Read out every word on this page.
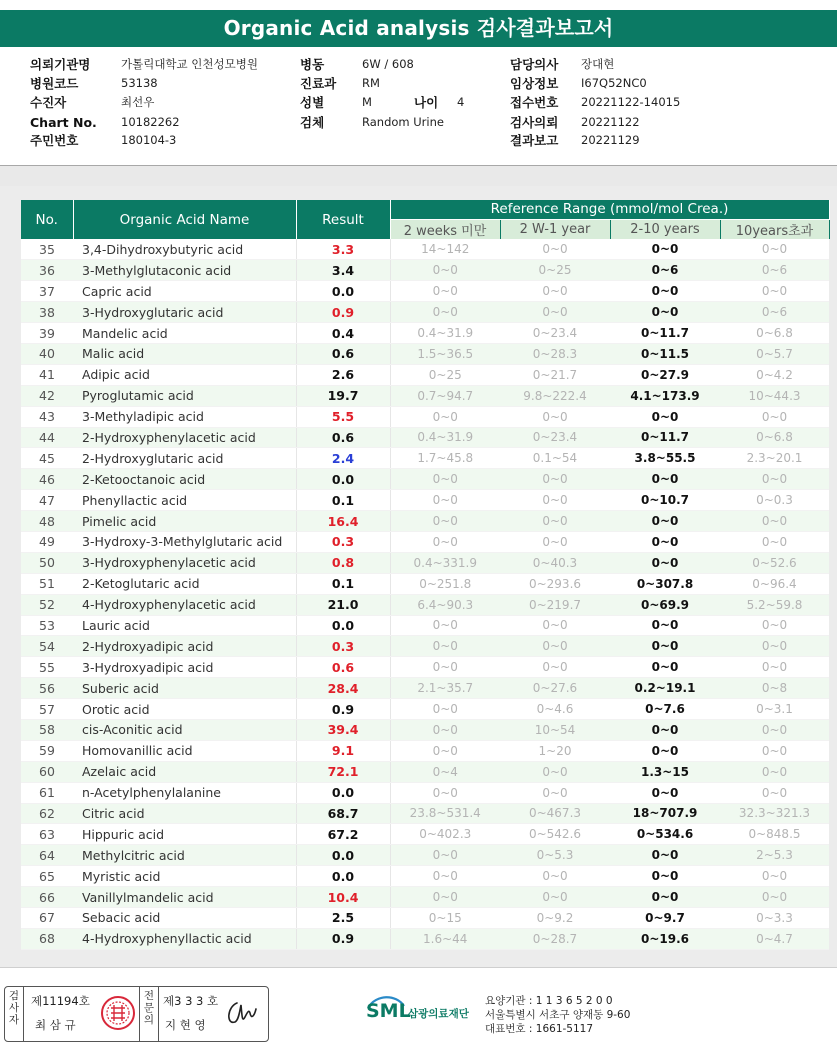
Organic Acid analysis 검사결과보고서
의뢰기관명	가톨릭대학교 인천성모병원	병동	6W / 608	담당의사 장대현
병원코드	53138	진료과 RM	임상정보 I67Q52NC0
수진자	최선우	성별	M	나이 4	접수번호 20221122-14015
Chart No. 10182262	검체	Random Urine	검사의뢰 20221122
주민번호	180104-3	결과보고 20221129
No.	Organic Acid Name	Result	Reference Range (mmol/mol Crea.)			
			2 weeks 미만	2 W-1 year	2-10 years	10years초과
35	3,4-Dihydroxybutyric acid	3.3	14~142	0~0	0~0	0~0
36	3-Methylglutaconic acid	3.4	0~0	0~25	0~6	0~6
37	Capric acid	0.0	0~0	0~0	0~0	0~0
38	3-Hydroxyglutaric acid	0.9	0~0	0~0	0~0	0~6
39	Mandelic acid	0.4	0.4~31.9	0~23.4	0~11.7	0~6.8
40	Malic acid	0.6	1.5~36.5	0~28.3	0~11.5	0~5.7
41	Adipic acid	2.6	0~25	0~21.7	0~27.9	0~4.2
42	Pyroglutamic acid	19.7	0.7~94.7	9.8~222.4	4.1~173.9	10~44.3
43	3-Methyladipic acid	5.5	0~0	0~0	0~0	0~0
44	2-Hydroxyphenylacetic acid	0.6	0.4~31.9	0~23.4	0~11.7	0~6.8
45	2-Hydroxyglutaric acid	2.4	1.7~45.8	0.1~54	3.8~55.5	2.3~20.1
46	2-Ketooctanoic acid	0.0	0~0	0~0	0~0	0~0
47	Phenyllactic acid	0.1	0~0	0~0	0~10.7	0~0.3
48	Pimelic acid	16.4	0~0	0~0	0~0	0~0
49	3-Hydroxy-3-Methylglutaric acid	0.3	0~0	0~0	0~0	0~0
50	3-Hydroxyphenylacetic acid	0.8	0.4~331.9	0~40.3	0~0	0~52.6
51	2-Ketoglutaric acid	0.1	0~251.8	0~293.6	0~307.8	0~96.4
52	4-Hydroxyphenylacetic acid	21.0	6.4~90.3	0~219.7	0~69.9	5.2~59.8
53	Lauric acid	0.0	0~0	0~0	0~0	0~0
54	2-Hydroxyadipic acid	0.3	0~0	0~0	0~0	0~0
55	3-Hydroxyadipic acid	0.6	0~0	0~0	0~0	0~0
56	Suberic acid	28.4	2.1~35.7	0~27.6	0.2~19.1	0~8
57	Orotic acid	0.9	0~0	0~4.6	0~7.6	0~3.1
58	cis-Aconitic acid	39.4	0~0	10~54	0~0	0~0
59	Homovanillic acid	9.1	0~0	1~20	0~0	0~0
60	Azelaic acid	72.1	0~4	0~0	1.3~15	0~0
61	n-Acetylphenylalanine	0.0	0~0	0~0	0~0	0~0
62	Citric acid	68.7	23.8~531.4	0~467.3	18~707.9	32.3~321.3
63	Hippuric acid	67.2	0~402.3	0~542.6	0~534.6	0~848.5
64	Methylcitric acid	0.0	0~0	0~5.3	0~0	2~5.3
65	Myristic acid	0.0	0~0	0~0	0~0	0~0
66	Vanillylmandelic acid	10.4	0~0	0~0	0~0	0~0
67	Sebacic acid	2.5	0~15	0~9.2	0~9.7	0~3.3
68	4-Hydroxyphenyllactic acid	0.9	1.6~44	0~28.7	0~19.6	0~4.7
검사자
제11194호
최 삼 규
전문의
제3 3 3 호
지 현 영
SML
삼광의료재단
요양기관 : 1 1 3 6 5 2 0 0
서울특별시 서초구 양재동 9-60
대표번호 : 1661-5117
